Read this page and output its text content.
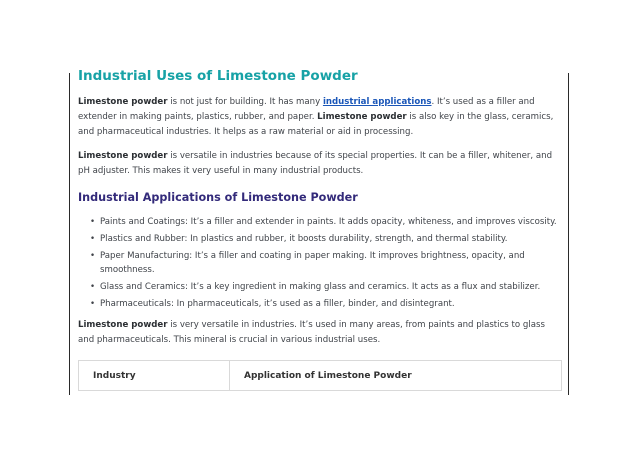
Industrial Uses of Limestone Powder

Limestone powder is not just for building. It has many industrial applications. It’s used as a filler and extender in making paints, plastics, rubber, and paper. Limestone powder is also key in the glass, ceramics, and pharmaceutical industries. It helps as a raw material or aid in processing.

Limestone powder is versatile in industries because of its special properties. It can be a filler, whitener, and pH adjuster. This makes it very useful in many industrial products.

Industrial Applications of Limestone Powder
• Paints and Coatings: It’s a filler and extender in paints. It adds opacity, whiteness, and improves viscosity.
• Plastics and Rubber: In plastics and rubber, it boosts durability, strength, and thermal stability.
• Paper Manufacturing: It’s a filler and coating in paper making. It improves brightness, opacity, and smoothness.
• Glass and Ceramics: It’s a key ingredient in making glass and ceramics. It acts as a flux and stabilizer.
• Pharmaceuticals: In pharmaceuticals, it’s used as a filler, binder, and disintegrant.

Limestone powder is very versatile in industries. It’s used in many areas, from paints and plastics to glass and pharmaceuticals. This mineral is crucial in various industrial uses.

Industry	Application of Limestone Powder
